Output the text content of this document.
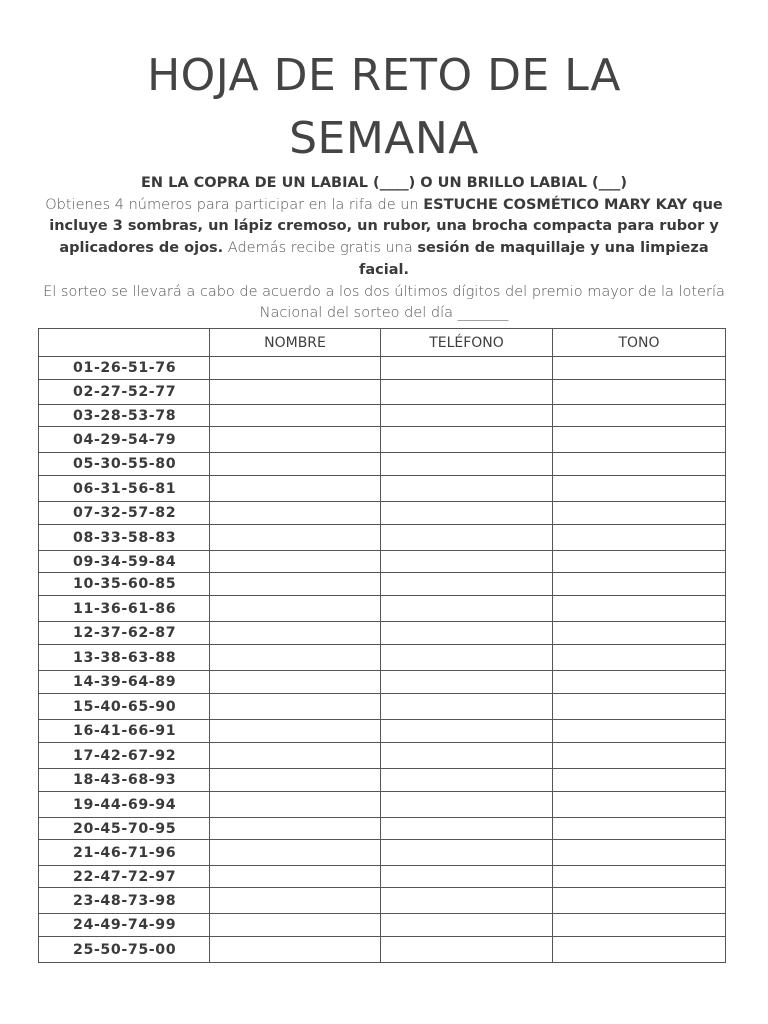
HOJA DE RETO DE LA
SEMANA

EN LA COPRA DE UN LABIAL (____) O UN BRILLO LABIAL (___)

Obtienes 4 números para participar en la rifa de un ESTUCHE COSMÉTICO MARY KAY que incluye 3 sombras, un lápiz cremoso, un rubor, una brocha compacta para rubor y aplicadores de ojos. Además recibe gratis una sesión de maquillaje y una limpieza facial.

El sorteo se llevará a cabo de acuerdo a los dos últimos dígitos del premio mayor de la lotería Nacional del sorteo del día _______

	NOMBRE	TELÉFONO	TONO
01-26-51-76			
02-27-52-77			
03-28-53-78			
04-29-54-79			
05-30-55-80			
06-31-56-81			
07-32-57-82			
08-33-58-83			
09-34-59-84			
10-35-60-85			
11-36-61-86			
12-37-62-87			
13-38-63-88			
14-39-64-89			
15-40-65-90			
16-41-66-91			
17-42-67-92			
18-43-68-93			
19-44-69-94			
20-45-70-95			
21-46-71-96			
22-47-72-97			
23-48-73-98			
24-49-74-99			
25-50-75-00			
